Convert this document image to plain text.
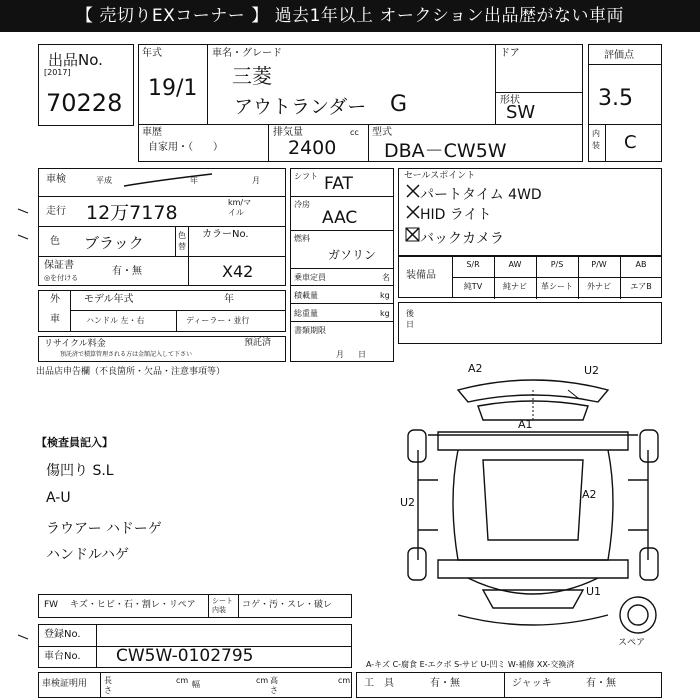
【 売切りEXコーナー 】 過去1年以上 オークション出品歴がない車両
出品No.
[2017]
70228
年式
19/1
車名・グレード
三菱
アウトランダー G
ドア
形状
SW
車歴
自家用・（　　）
排気量	cc
2400
型式
DBA－CW5W
評価点
3.5
内装 C
車検	平成	年	月
走行 12万7178	km/マイル
色 ブラック	色替
カラーNo.
X42
保証書
◎を付ける
有・無
外
車
モデル年式	年
ハンドル 左・右	ディーラー・並行
リサイクル料金
預託済で積算管理される方は金額記入して下さい
預託済
出品店申告欄（不良箇所・欠品・注意事項等）
シフト FAT
冷房
AAC
燃料
ガソリン
乗車定員	名
積載量	kg
総重量	kg
書類期限
月日
セールスポイント
パートタイム 4WD
HID ライト
バックカメラ
装備品
S/R	AW	P/S	P/W	AB
純TV	純ナビ	革シート	外ナビ	エアB
後日
【検査員記入】
傷凹り S.L
A-U
ラウアー ハドーゲ
ハンドルハゲ
A2
A1
A2
U2
U2
U1
スペア
FW キズ・ヒビ・石・割レ・リペア シート内装	コゲ・汚・スレ・破レ
登録No.
車台No. CW5W-0102795	A-キズ C-腐食 E-エクボ S-サビ U-凹ミ W-補修 XX-交換済
車検証明用 長さ
cm 幅	cm 高さ
cm 工具	有・無	ジャッキ	有・無
